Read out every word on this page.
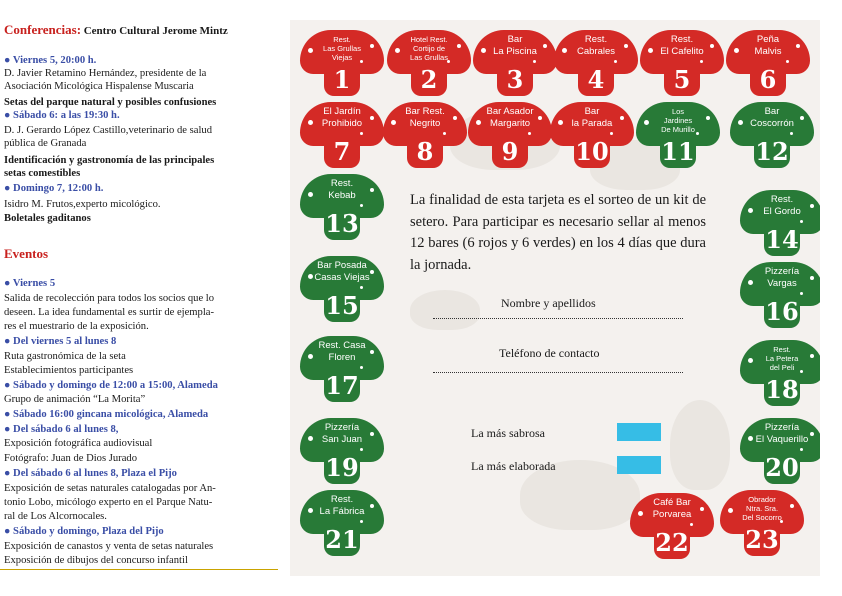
Conferencias: Centro Cultural Jerome Mintz
● Viernes 5, 20:00 h.
D. Javier Retamino Hernández, presidente de la
Asociación Micológica Hispalense Muscaria
Setas del parque natural y posibles confusiones
● Sábado 6: a las 19:30 h.
D. J. Gerardo López Castillo,veterinario de salud
pública de Granada
Identificación y gastronomía de las principales
setas comestibles
● Domingo 7, 12:00 h.
Isidro M. Frutos,experto micológico.
Boletales gaditanos
Eventos
● Viernes 5
Salida de recolección para todos los socios que lo
deseen. La idea fundamental es surtir de ejempla-
res el muestrario de la exposición.
● Del viernes 5 al lunes 8
Ruta gastronómica de la seta
Establecimientos participantes
● Sábado y domingo de 12:00 a 15:00, Alameda
Grupo de animación “La Morita”
● Sábado 16:00 gincana micológica, Alameda
● Del sábado 6 al lunes 8,
Exposición fotográfica audiovisual
Fotógrafo: Juan de Dios Jurado
● Del sábado 6 al lunes 8, Plaza el Pijo
Exposición de setas naturales catalogadas por An-
tonio Lobo, micólogo experto en el Parque Natu-
ral de Los Alcornocales.
● Sábado y domingo, Plaza del Pijo
Exposición de canastos y venta de setas naturales
Exposición de dibujos del concurso infantil
Rest.
Las Grullas
Viejas
1
Hotel Rest.
Cortijo de
Las Grullas
2
Bar
La Piscina
3
Rest.
Cabrales
4
Rest.
El Cafelito
5
Peña
Malvis
6
El Jardín
Prohibido
7
Bar Rest.
Negrito
8
Bar Asador
Margarito
9
Bar
la Parada
10
Los
Jardines
De Murillo
11
Bar
Coscorrón
12
Rest.
Kebab
13
Rest.
El Gordo
14
Bar Posada
Casas Viejas
15
Pizzería
Vargas
16
Rest. Casa
Floren
17
Rest.
La Petera
del Peli
18
Pizzería
San Juan
19
Pizzería
El Vaquerillo
20
Rest.
La Fábrica
21
Café Bar
Porvarea
22
Obrador
Ntra. Sra.
Del Socorro
23
La finalidad de esta tarjeta es el sorteo de un kit de setero. Para participar es necesario sellar al menos 12 bares (6 rojos y 6 verdes) en los 4 días que dura la jornada.
Nombre y apellidos
Teléfono de contacto
La más sabrosa
La más elaborada
